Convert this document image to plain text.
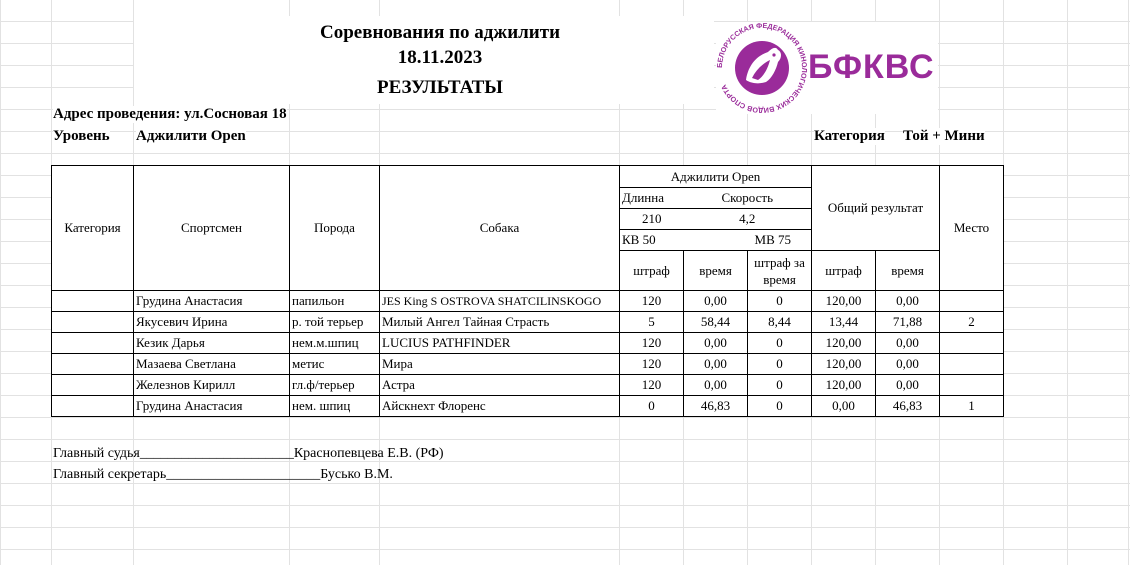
Соревнования по аджилити
18.11.2023
РЕЗУЛЬТАТЫ
ЕЛОРУССКАЯ ФЕДЕРАЦИЯ КИН ОГИЧЕСКИХ ВИДОВ СПОРТА
БФКВС
Адрес проведения: ул.Сосновая 18
Уровень Аджилити Open	Категория Той + Мини
Категория	Спортсмен	Порода	Собака	Аджилити Open			Общий результат		Место
				Длинна	Скорость				
				210	4,2				
				КВ 50	МВ 75				
				штраф	время	штраф за время	штраф	время	
	Грудина Анастасия	папильон	JES King S OSTROVA SHATCILINSKOGO	120	0,00	0	120,00	0,00	
	Якусевич Ирина	р. той терьер	Милый Ангел Тайная Страсть	5	58,44	8,44	13,44	71,88	2
	Кезик Дарья	нем.м.шпиц	LUCIUS PATHFINDER	120	0,00	0	120,00	0,00	
	Мазаева Светлана	метис	Мира	120	0,00	0	120,00	0,00	
	Железнов Кирилл	гл.ф/терьер	Астра	120	0,00	0	120,00	0,00	
	Грудина Анастасия	нем. шпиц	Айскнехт Флоренс	0	46,83	0	0,00	46,83	1
Главный судья______________________Краснопевцева Е.В. (РФ)
Главный секретарь______________________Бусько В.М.
